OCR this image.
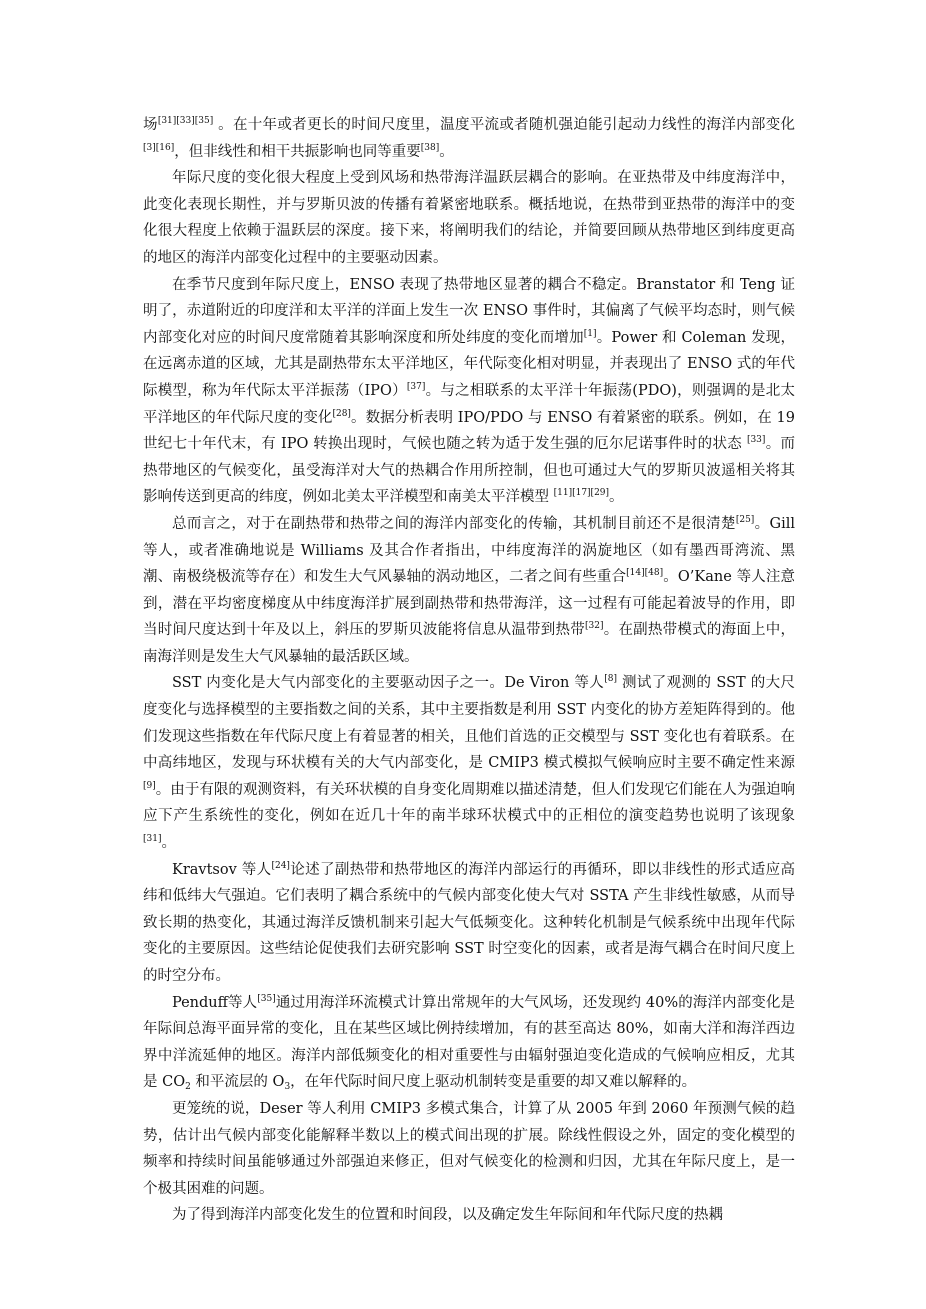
场[31][33][35] 。在十年或者更长的时间尺度里，温度平流或者随机强迫能引起动力线性的海洋内部变化[3][16]，但非线性和相干共振影响也同等重要[38]。

年际尺度的变化很大程度上受到风场和热带海洋温跃层耦合的影响。在亚热带及中纬度海洋中，此变化表现长期性，并与罗斯贝波的传播有着紧密地联系。概括地说，在热带到亚热带的海洋中的变化很大程度上依赖于温跃层的深度。接下来，将阐明我们的结论，并简要回顾从热带地区到纬度更高的地区的海洋内部变化过程中的主要驱动因素。

在季节尺度到年际尺度上，ENSO 表现了热带地区显著的耦合不稳定。Branstator 和 Teng 证明了，赤道附近的印度洋和太平洋的洋面上发生一次 ENSO 事件时，其偏离了气候平均态时，则气候内部变化对应的时间尺度常随着其影响深度和所处纬度的变化而增加[1]。Power 和 Coleman 发现，在远离赤道的区域，尤其是副热带东太平洋地区，年代际变化相对明显，并表现出了 ENSO 式的年代际模型，称为年代际太平洋振荡（IPO）[37]。与之相联系的太平洋十年振荡(PDO)，则强调的是北太平洋地区的年代际尺度的变化[28]。数据分析表明 IPO/PDO 与 ENSO 有着紧密的联系。例如，在 19 世纪七十年代末，有 IPO 转换出现时，气候也随之转为适于发生强的厄尔尼诺事件时的状态 [33]。而热带地区的气候变化，虽受海洋对大气的热耦合作用所控制，但也可通过大气的罗斯贝波遥相关将其影响传送到更高的纬度，例如北美太平洋模型和南美太平洋模型 [11][17][29]。

总而言之，对于在副热带和热带之间的海洋内部变化的传输，其机制目前还不是很清楚[25]。Gill 等人，或者准确地说是 Williams 及其合作者指出，中纬度海洋的涡旋地区（如有墨西哥湾流、黑潮、南极绕极流等存在）和发生大气风暴轴的涡动地区，二者之间有些重合[14][48]。O’Kane 等人注意到，潜在平均密度梯度从中纬度海洋扩展到副热带和热带海洋，这一过程有可能起着波导的作用，即当时间尺度达到十年及以上，斜压的罗斯贝波能将信息从温带到热带[32]。在副热带模式的海面上中，南海洋则是发生大气风暴轴的最活跃区域。

SST 内变化是大气内部变化的主要驱动因子之一。De Viron 等人[8] 测试了观测的 SST 的大尺度变化与选择模型的主要指数之间的关系，其中主要指数是利用 SST 内变化的协方差矩阵得到的。他们发现这些指数在年代际尺度上有着显著的相关，且他们首选的正交模型与 SST 变化也有着联系。在中高纬地区，发现与环状模有关的大气内部变化，是 CMIP3 模式模拟气候响应时主要不确定性来源[9]。由于有限的观测资料，有关环状模的自身变化周期难以描述清楚，但人们发现它们能在人为强迫响应下产生系统性的变化，例如在近几十年的南半球环状模式中的正相位的演变趋势也说明了该现象[31]。

Kravtsov 等人[24]论述了副热带和热带地区的海洋内部运行的再循环，即以非线性的形式适应高纬和低纬大气强迫。它们表明了耦合系统中的气候内部变化使大气对 SSTA 产生非线性敏感，从而导致长期的热变化，其通过海洋反馈机制来引起大气低频变化。这种转化机制是气候系统中出现年代际变化的主要原因。这些结论促使我们去研究影响 SST 时空变化的因素，或者是海气耦合在时间尺度上的时空分布。

Penduff等人[35]通过用海洋环流模式计算出常规年的大气风场，还发现约 40%的海洋内部变化是年际间总海平面异常的变化，且在某些区域比例持续增加，有的甚至高达 80%，如南大洋和海洋西边界中洋流延伸的地区。海洋内部低频变化的相对重要性与由辐射强迫变化造成的气候响应相反，尤其是 $CO_2$ 和平流层的 $O_3$，在年代际时间尺度上驱动机制转变是重要的却又难以解释的。

更笼统的说，Deser 等人利用 CMIP3 多模式集合，计算了从 2005 年到 2060 年预测气候的趋势，估计出气候内部变化能解释半数以上的模式间出现的扩展。除线性假设之外，固定的变化模型的频率和持续时间虽能够通过外部强迫来修正，但对气候变化的检测和归因，尤其在年际尺度上，是一个极其困难的问题。

为了得到海洋内部变化发生的位置和时间段，以及确定发生年际间和年代际尺度的热耦
